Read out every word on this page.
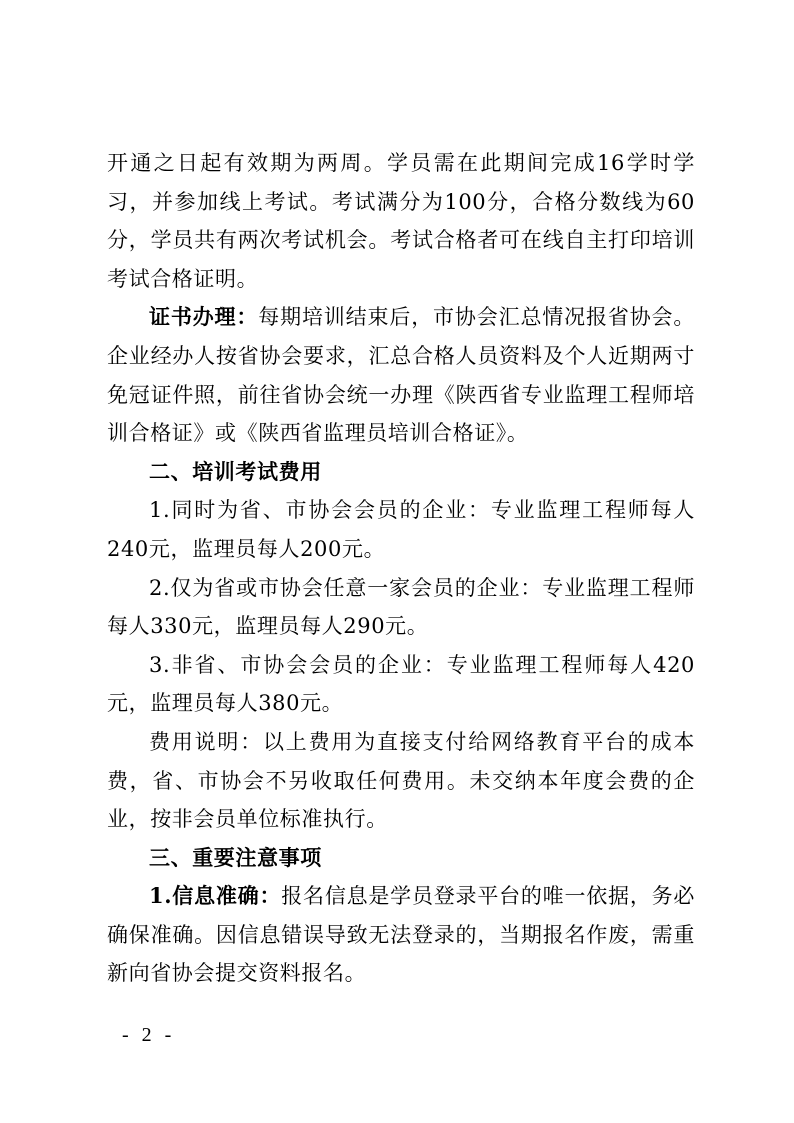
开通之日起有效期为两周。学员需在此期间完成16学时学习，并参加线上考试。考试满分为100分，合格分数线为60分，学员共有两次考试机会。考试合格者可在线自主打印培训考试合格证明。

证书办理：每期培训结束后，市协会汇总情况报省协会。企业经办人按省协会要求，汇总合格人员资料及个人近期两寸免冠证件照，前往省协会统一办理《陕西省专业监理工程师培训合格证》或《陕西省监理员培训合格证》。

二、培训考试费用

1.同时为省、市协会会员的企业：专业监理工程师每人240元，监理员每人200元。

2.仅为省或市协会任意一家会员的企业：专业监理工程师每人330元，监理员每人290元。

3.非省、市协会会员的企业：专业监理工程师每人420元，监理员每人380元。

费用说明：以上费用为直接支付给网络教育平台的成本费，省、市协会不另收取任何费用。未交纳本年度会费的企业，按非会员单位标准执行。

三、重要注意事项

1.信息准确：报名信息是学员登录平台的唯一依据，务必确保准确。因信息错误导致无法登录的，当期报名作废，需重新向省协会提交资料报名。

- 2 -
